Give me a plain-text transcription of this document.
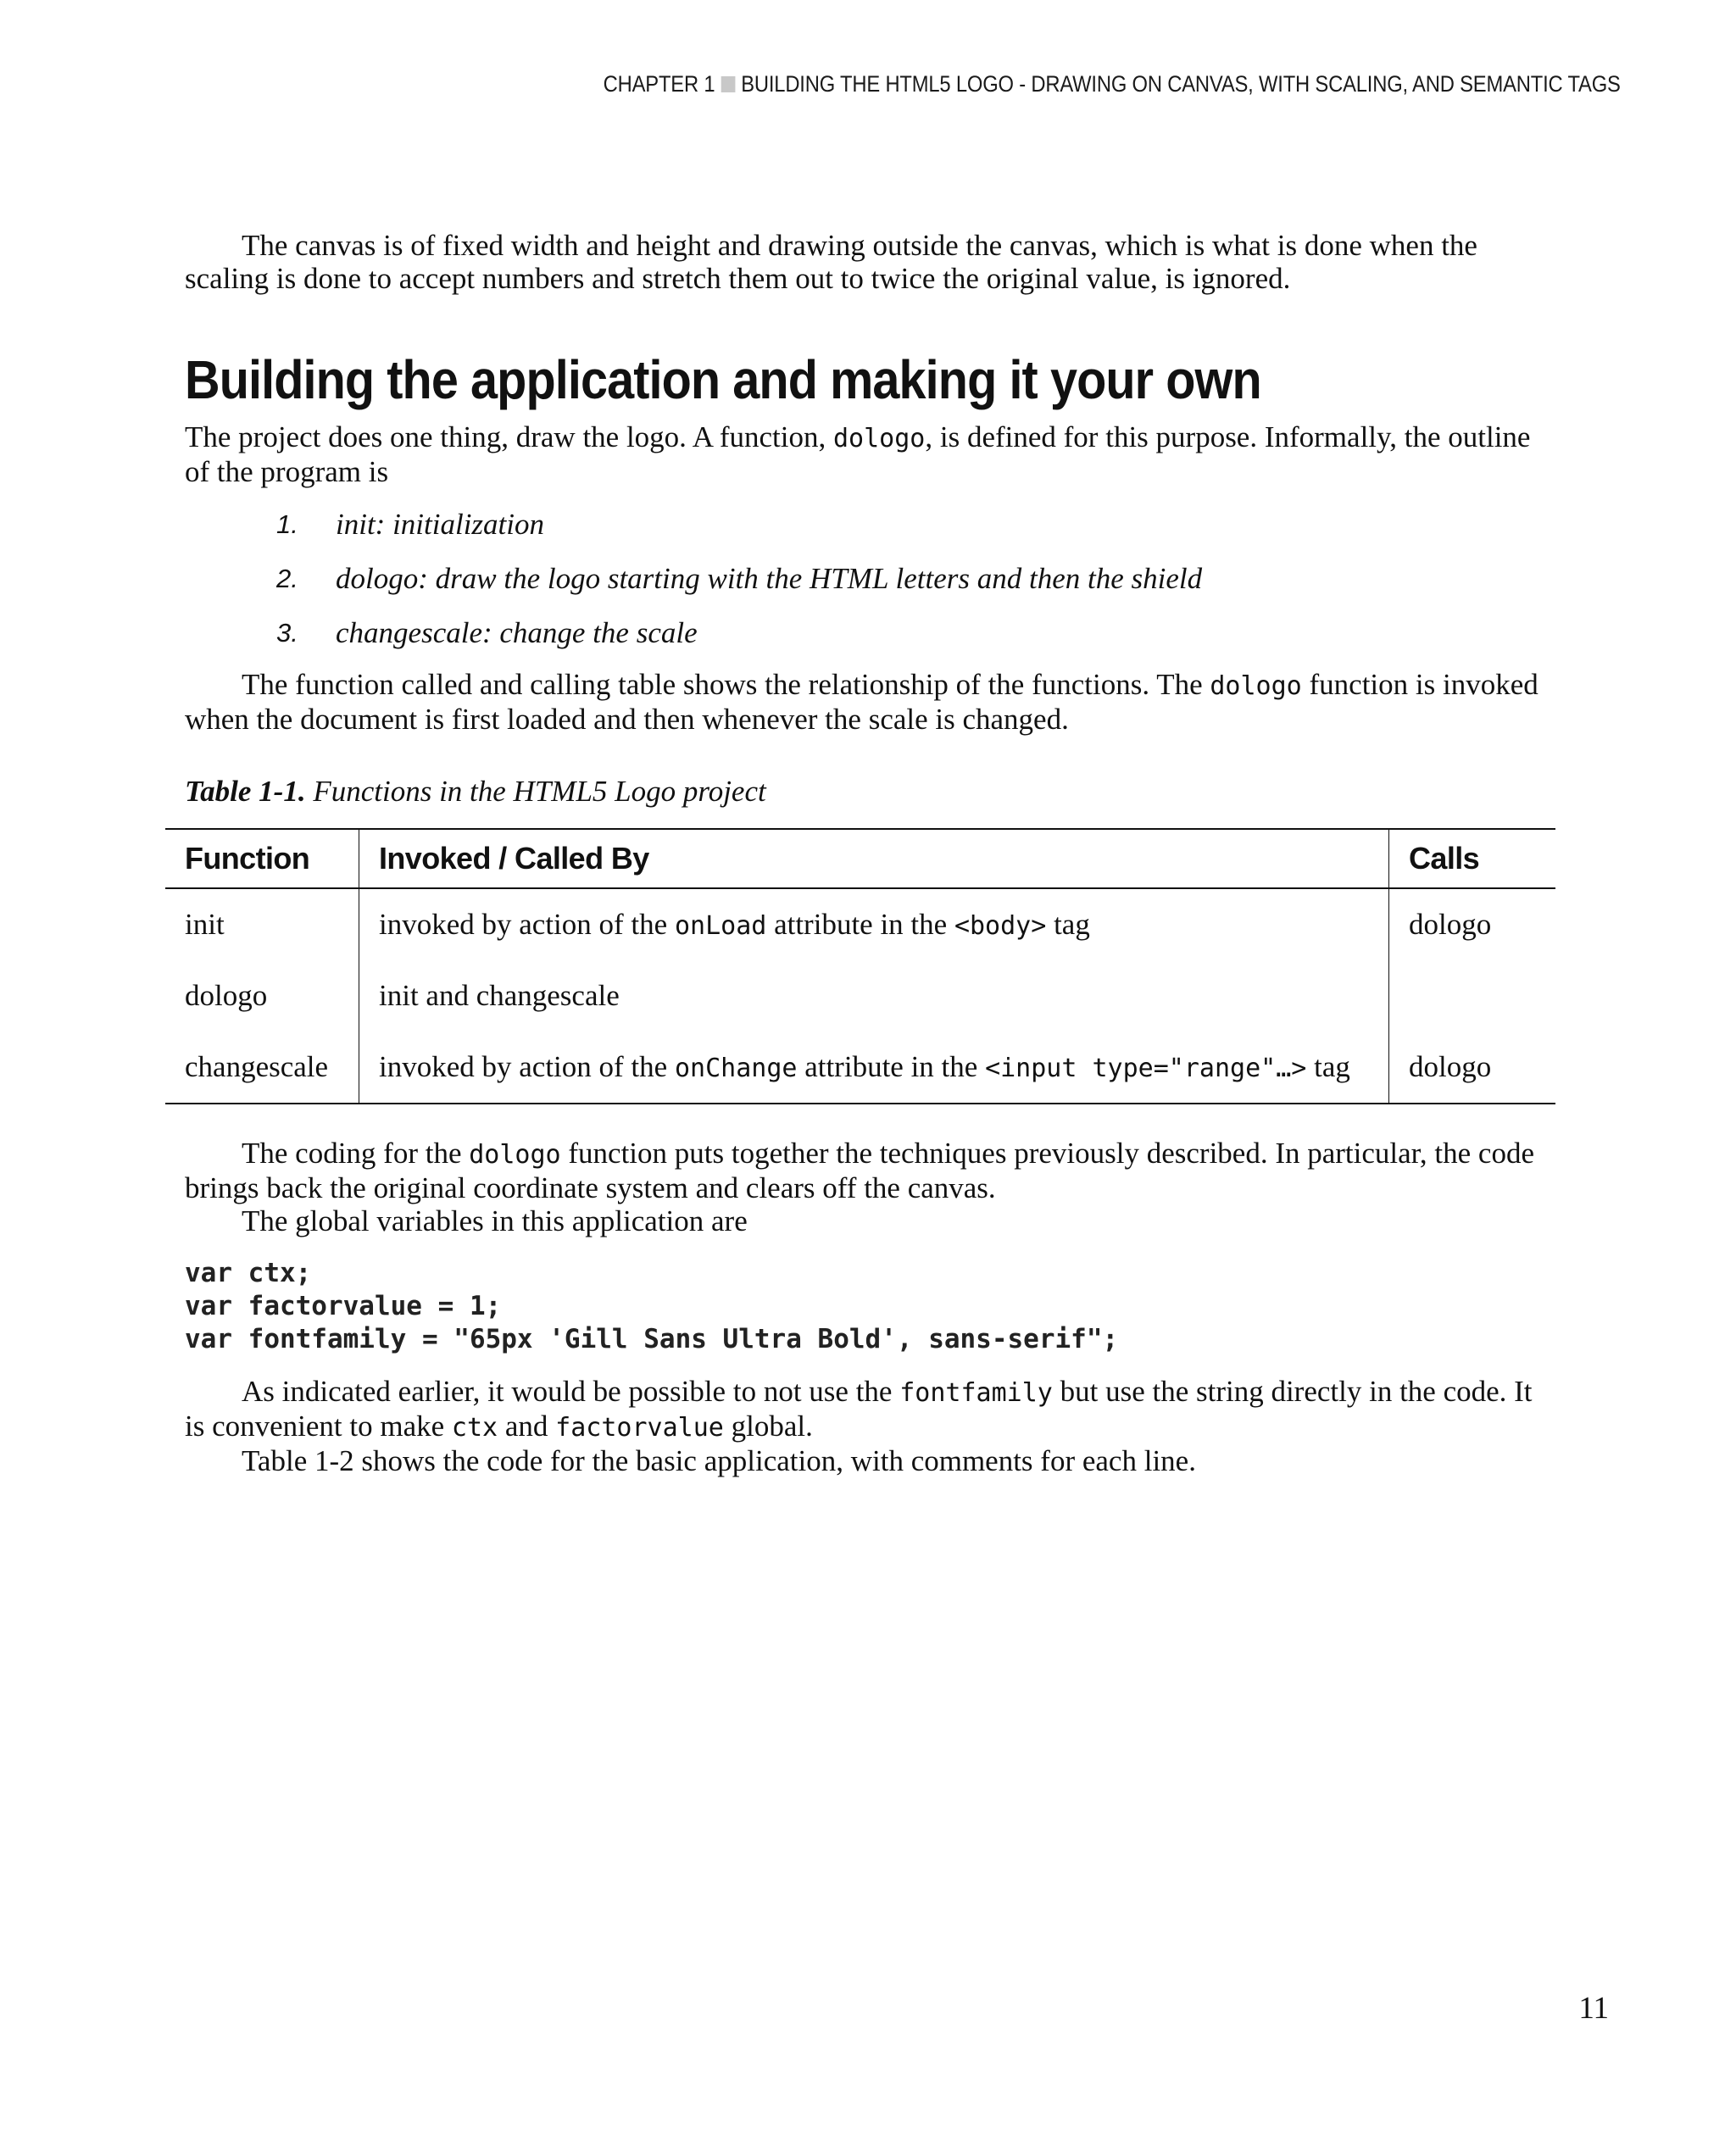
CHAPTER 1 BUILDING THE HTML5 LOGO - DRAWING ON CANVAS, WITH SCALING, AND SEMANTIC TAGS

The canvas is of fixed width and height and drawing outside the canvas, which is what is done when the scaling is done to accept numbers and stretch them out to twice the original value, is ignored.

Building the application and making it your own

The project does one thing, draw the logo. A function, dologo, is defined for this purpose. Informally, the outline of the program is

1.	init: initialization
2.	dologo: draw the logo starting with the HTML letters and then the shield
3.	changescale: change the scale

The function called and calling table shows the relationship of the functions. The dologo function is invoked when the document is first loaded and then whenever the scale is changed.

Table 1-1. Functions in the HTML5 Logo project

Function	Invoked / Called By	Calls
init	invoked by action of the onLoad attribute in the <body> tag	dologo
dologo	init and changescale	
changescale	invoked by action of the onChange attribute in the <input type="range"…> tag	dologo

The coding for the dologo function puts together the techniques previously described. In particular, the code brings back the original coordinate system and clears off the canvas.

The global variables in this application are

var ctx;
var factorvalue = 1;
var fontfamily = "65px 'Gill Sans Ultra Bold', sans-serif";

As indicated earlier, it would be possible to not use the fontfamily but use the string directly in the code. It is convenient to make ctx and factorvalue global.

Table 1-2 shows the code for the basic application, with comments for each line.

11
